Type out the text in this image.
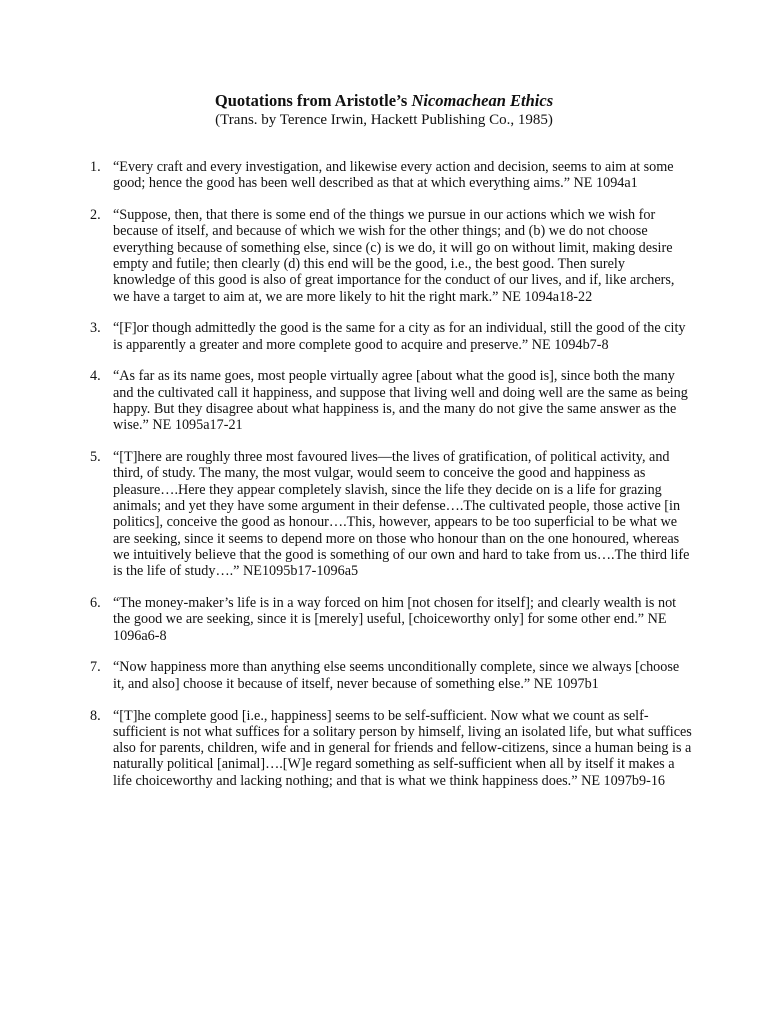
Quotations from Aristotle’s Nicomachean Ethics

(Trans. by Terence Irwin, Hackett Publishing Co., 1985)

1. “Every craft and every investigation, and likewise every action and decision, seems to aim at some
good; hence the good has been well described as that at which everything aims.” NE 1094a1
2. “Suppose, then, that there is some end of the things we pursue in our actions which we wish for
because of itself, and because of which we wish for the other things; and (b) we do not choose
everything because of something else, since (c) is we do, it will go on without limit, making desire
empty and futile; then clearly (d) this end will be the good, i.e., the best good. Then surely
knowledge of this good is also of great importance for the conduct of our lives, and if, like archers,
we have a target to aim at, we are more likely to hit the right mark.” NE 1094a18-22
3. “[F]or though admittedly the good is the same for a city as for an individual, still the good of the city
is apparently a greater and more complete good to acquire and preserve.” NE 1094b7-8
4. “As far as its name goes, most people virtually agree [about what the good is], since both the many
and the cultivated call it happiness, and suppose that living well and doing well are the same as being
happy. But they disagree about what happiness is, and the many do not give the same answer as the
wise.” NE 1095a17-21
5. “[T]here are roughly three most favoured lives—the lives of gratification, of political activity, and
third, of study. The many, the most vulgar, would seem to conceive the good and happiness as
pleasure….Here they appear completely slavish, since the life they decide on is a life for grazing
animals; and yet they have some argument in their defense….The cultivated people, those active [in
politics], conceive the good as honour….This, however, appears to be too superficial to be what we
are seeking, since it seems to depend more on those who honour than on the one honoured, whereas
we intuitively believe that the good is something of our own and hard to take from us….The third life
is the life of study….” NE1095b17-1096a5
6. “The money-maker’s life is in a way forced on him [not chosen for itself]; and clearly wealth is not
the good we are seeking, since it is [merely] useful, [choiceworthy only] for some other end.” NE
1096a6-8
7. “Now happiness more than anything else seems unconditionally complete, since we always [choose
it, and also] choose it because of itself, never because of something else.” NE 1097b1
8. “[T]he complete good [i.e., happiness] seems to be self-sufficient. Now what we count as self-
sufficient is not what suffices for a solitary person by himself, living an isolated life, but what suffices
also for parents, children, wife and in general for friends and fellow-citizens, since a human being is a
naturally political [animal]….[W]e regard something as self-sufficient when all by itself it makes a
life choiceworthy and lacking nothing; and that is what we think happiness does.” NE 1097b9-16
